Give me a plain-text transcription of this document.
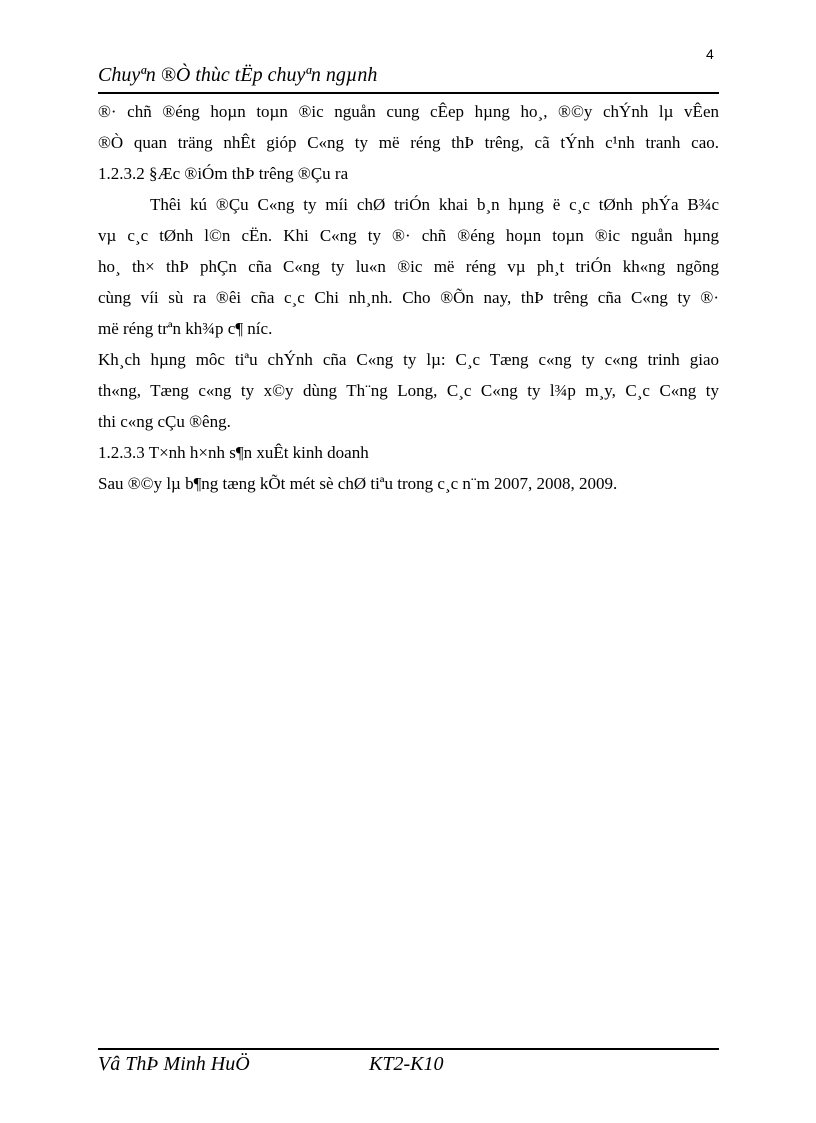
4
Chuyªn ®Ò thùc tËp chuyªn ngµnh
®· chñ ®éng hoµn toµn ®ic nguån cung cÊep hµng ho¸, ®©y chÝnh lµ vÊen
®Ò quan träng nhÊt gióp C«ng ty më réng thÞ trêng, cã tÝnh c¹nh tranh cao.
1.2.3.2 §Æc ®iÓm thÞ trêng ®Çu ra
Thêi kú ®Çu C«ng ty míi chØ triÓn khai b¸n hµng ë c¸c tØnh phÝa B¾c
vµ c¸c tØnh l©n cËn. Khi C«ng ty ®· chñ ®éng hoµn toµn ®ic nguån hµng
ho¸ th× thÞ phÇn cña C«ng ty lu«n ®ic më réng vµ ph¸t triÓn kh«ng ngõng
cùng víi sù ra ®êi cña c¸c Chi nh¸nh. Cho ®Õn nay, thÞ trêng cña C«ng ty ®·
më réng trªn kh¾p c¶ níc.
Kh¸ch hµng môc tiªu chÝnh cña C«ng ty lµ: C¸c Tæng c«ng ty c«ng trinh giao
th«ng, Tæng c«ng ty x©y dùng Th¨ng Long, C¸c C«ng ty l¾p m¸y, C¸c C«ng ty
thi c«ng cÇu ®êng.
1.2.3.3 T×nh h×nh s¶n xuÊt kinh doanh
Sau ®©y lµ b¶ng tæng kÕt mét sè chØ tiªu trong c¸c n¨m 2007, 2008, 2009.
Vâ ThÞ Minh HuÖ	KT2-K10
